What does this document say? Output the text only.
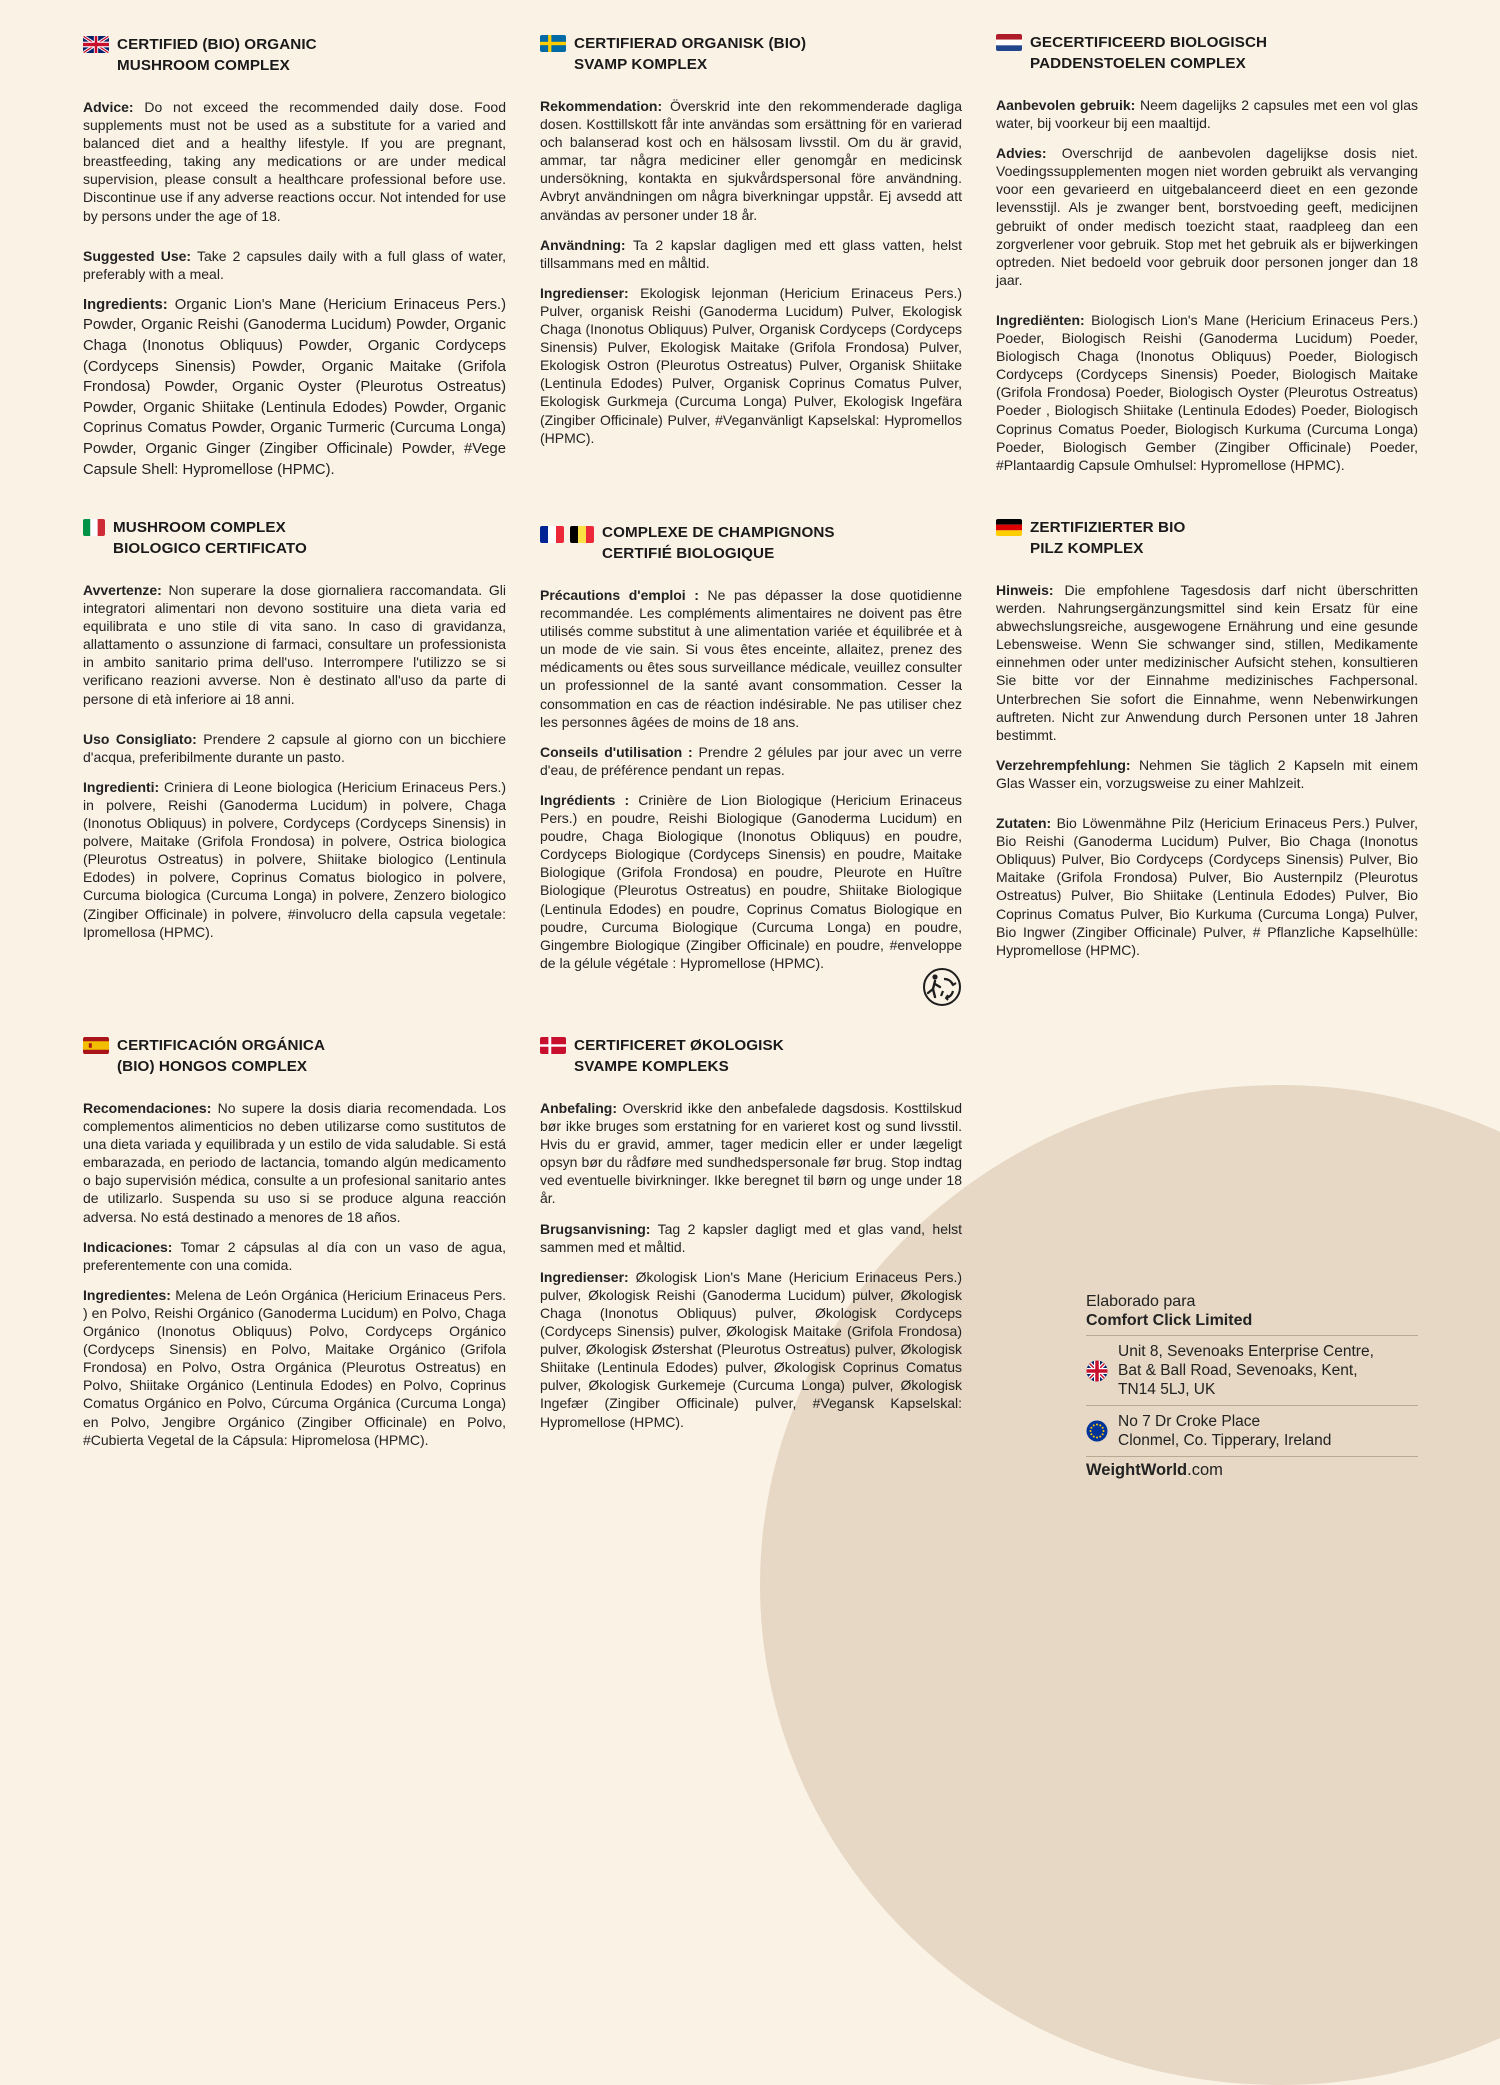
CERTIFIED (BIO) ORGANIC
MUSHROOM COMPLEX

Advice: Do not exceed the recommended daily dose. Food supplements must not be used as a substitute for a varied and balanced diet and a healthy lifestyle. If you are pregnant, breastfeeding, taking any medications or are under medical supervision, please consult a healthcare professional before use. Discontinue use if any adverse reactions occur. Not intended for use by persons under the age of 18.

Suggested Use: Take 2 capsules daily with a full glass of water, preferably with a meal.

Ingredients: Organic Lion's Mane (Hericium Erinaceus Pers.) Powder, Organic Reishi (Ganoderma Lucidum) Powder, Organic Chaga (Inonotus Obliquus) Powder, Organic Cordyceps (Cordyceps Sinensis) Powder, Organic Maitake (Grifola Frondosa) Powder, Organic Oyster (Pleurotus Ostreatus) Powder, Organic Shiitake (Lentinula Edodes) Powder, Organic Coprinus Comatus Powder, Organic Turmeric (Curcuma Longa) Powder, Organic Ginger (Zingiber Officinale) Powder, #Vege Capsule Shell: Hypromellose (HPMC).

CERTIFIERAD ORGANISK (BIO)
SVAMP KOMPLEX

Rekommendation: Överskrid inte den rekommenderade dagliga dosen. Kosttillskott får inte användas som ersättning för en varierad och balanserad kost och en hälsosam livsstil. Om du är gravid, ammar, tar några mediciner eller genomgår en medicinsk undersökning, kontakta en sjukvårdspersonal före användning. Avbryt användningen om några biverkningar uppstår. Ej avsedd att användas av personer under 18 år.

Användning: Ta 2 kapslar dagligen med ett glass vatten, helst tillsammans med en måltid.

Ingredienser: Ekologisk lejonman (Hericium Erinaceus Pers.) Pulver, organisk Reishi (Ganoderma Lucidum) Pulver, Ekologisk Chaga (Inonotus Obliquus) Pulver, Organisk Cordyceps (Cordyceps Sinensis) Pulver, Ekologisk Maitake (Grifola Frondosa) Pulver, Ekologisk Ostron (Pleurotus Ostreatus) Pulver, Organisk Shiitake (Lentinula Edodes) Pulver, Organisk Coprinus Comatus Pulver, Ekologisk Gurkmeja (Curcuma Longa) Pulver, Ekologisk Ingefära (Zingiber Officinale) Pulver, #Veganvänligt Kapselskal: Hypromellos (HPMC).

GECERTIFICEERD BIOLOGISCH
PADDENSTOELEN COMPLEX

Aanbevolen gebruik: Neem dagelijks 2 capsules met een vol glas water, bij voorkeur bij een maaltijd.

Advies: Overschrijd de aanbevolen dagelijkse dosis niet. Voedingssupplementen mogen niet worden gebruikt als vervanging voor een gevarieerd en uitgebalanceerd dieet en een gezonde levensstijl. Als je zwanger bent, borstvoeding geeft, medicijnen gebruikt of onder medisch toezicht staat, raadpleeg dan een zorgverlener voor gebruik. Stop met het gebruik als er bijwerkingen optreden. Niet bedoeld voor gebruik door personen jonger dan 18 jaar.

Ingrediënten: Biologisch Lion's Mane (Hericium Erinaceus Pers.) Poeder, Biologisch Reishi (Ganoderma Lucidum) Poeder, Biologisch Chaga (Inonotus Obliquus) Poeder, Biologisch Cordyceps (Cordyceps Sinensis) Poeder, Biologisch Maitake (Grifola Frondosa) Poeder, Biologisch Oyster (Pleurotus Ostreatus) Poeder , Biologisch Shiitake (Lentinula Edodes) Poeder, Biologisch Coprinus Comatus Poeder, Biologisch Kurkuma (Curcuma Longa) Poeder, Biologisch Gember (Zingiber Officinale) Poeder, #Plantaardig Capsule Omhulsel: Hypromellose (HPMC).

MUSHROOM COMPLEX
BIOLOGICO CERTIFICATO

Avvertenze: Non superare la dose giornaliera raccomandata. Gli integratori alimentari non devono sostituire una dieta varia ed equilibrata e uno stile di vita sano. In caso di gravidanza, allattamento o assunzione di farmaci, consultare un professionista in ambito sanitario prima dell'uso. Interrompere l'utilizzo se si verificano reazioni avverse. Non è destinato all'uso da parte di persone di età inferiore ai 18 anni.

Uso Consigliato: Prendere 2 capsule al giorno con un bicchiere d'acqua, preferibilmente durante un pasto.

Ingredienti: Criniera di Leone biologica (Hericium Erinaceus Pers.) in polvere, Reishi (Ganoderma Lucidum) in polvere, Chaga (Inonotus Obliquus) in polvere, Cordyceps (Cordyceps Sinensis) in polvere, Maitake (Grifola Frondosa) in polvere, Ostrica biologica (Pleurotus Ostreatus) in polvere, Shiitake biologico (Lentinula Edodes) in polvere, Coprinus Comatus biologico in polvere, Curcuma biologica (Curcuma Longa) in polvere, Zenzero biologico (Zingiber Officinale) in polvere, #involucro della capsula vegetale: Ipromellosa (HPMC).

COMPLEXE DE CHAMPIGNONS
CERTIFIÉ BIOLOGIQUE

Précautions d'emploi : Ne pas dépasser la dose quotidienne recommandée. Les compléments alimentaires ne doivent pas être utilisés comme substitut à une alimentation variée et équilibrée et à un mode de vie sain. Si vous êtes enceinte, allaitez, prenez des médicaments ou êtes sous surveillance médicale, veuillez consulter un professionnel de la santé avant consommation. Cesser la consommation en cas de réaction indésirable. Ne pas utiliser chez les personnes âgées de moins de 18 ans.

Conseils d'utilisation : Prendre 2 gélules par jour avec un verre d'eau, de préférence pendant un repas.

Ingrédients : Crinière de Lion Biologique (Hericium Erinaceus Pers.) en poudre, Reishi Biologique (Ganoderma Lucidum) en poudre, Chaga Biologique (Inonotus Obliquus) en poudre, Cordyceps Biologique (Cordyceps Sinensis) en poudre, Maitake Biologique (Grifola Frondosa) en poudre, Pleurote en Huître Biologique (Pleurotus Ostreatus) en poudre, Shiitake Biologique (Lentinula Edodes) en poudre, Coprinus Comatus Biologique en poudre, Curcuma Biologique (Curcuma Longa) en poudre, Gingembre Biologique (Zingiber Officinale) en poudre, #enveloppe de la gélule végétale : Hypromellose (HPMC).

ZERTIFIZIERTER BIO
PILZ KOMPLEX

Hinweis: Die empfohlene Tagesdosis darf nicht überschritten werden. Nahrungsergänzungsmittel sind kein Ersatz für eine abwechslungsreiche, ausgewogene Ernährung und eine gesunde Lebensweise. Wenn Sie schwanger sind, stillen, Medikamente einnehmen oder unter medizinischer Aufsicht stehen, konsultieren Sie bitte vor der Einnahme medizinisches Fachpersonal. Unterbrechen Sie sofort die Einnahme, wenn Nebenwirkungen auftreten. Nicht zur Anwendung durch Personen unter 18 Jahren bestimmt.

Verzehrempfehlung: Nehmen Sie täglich 2 Kapseln mit einem Glas Wasser ein, vorzugsweise zu einer Mahlzeit.

Zutaten: Bio Löwenmähne Pilz (Hericium Erinaceus Pers.) Pulver, Bio Reishi (Ganoderma Lucidum) Pulver, Bio Chaga (Inonotus Obliquus) Pulver, Bio Cordyceps (Cordyceps Sinensis) Pulver, Bio Maitake (Grifola Frondosa) Pulver, Bio Austernpilz (Pleurotus Ostreatus) Pulver, Bio Shiitake (Lentinula Edodes) Pulver, Bio Coprinus Comatus Pulver, Bio Kurkuma (Curcuma Longa) Pulver, Bio Ingwer (Zingiber Officinale) Pulver, # Pflanzliche Kapselhülle: Hypromellose (HPMC).

CERTIFICACIÓN ORGÁNICA
(BIO) HONGOS COMPLEX

Recomendaciones: No supere la dosis diaria recomendada. Los complementos alimenticios no deben utilizarse como sustitutos de una dieta variada y equilibrada y un estilo de vida saludable. Si está embarazada, en periodo de lactancia, tomando algún medicamento o bajo supervisión médica, consulte a un profesional sanitario antes de utilizarlo. Suspenda su uso si se produce alguna reacción adversa. No está destinado a menores de 18 años.

Indicaciones: Tomar 2 cápsulas al día con un vaso de agua, preferentemente con una comida.

Ingredientes: Melena de León Orgánica (Hericium Erinaceus Pers. ) en Polvo, Reishi Orgánico (Ganoderma Lucidum) en Polvo, Chaga Orgánico (Inonotus Obliquus) Polvo, Cordyceps Orgánico (Cordyceps Sinensis) en Polvo, Maitake Orgánico (Grifola Frondosa) en Polvo, Ostra Orgánica (Pleurotus Ostreatus) en Polvo, Shiitake Orgánico (Lentinula Edodes) en Polvo, Coprinus Comatus Orgánico en Polvo, Cúrcuma Orgánica (Curcuma Longa) en Polvo, Jengibre Orgánico (Zingiber Officinale) en Polvo, #Cubierta Vegetal de la Cápsula: Hipromelosa (HPMC).

CERTIFICERET ØKOLOGISK
SVAMPE KOMPLEKS

Anbefaling: Overskrid ikke den anbefalede dagsdosis. Kosttilskud bør ikke bruges som erstatning for en varieret kost og sund livsstil. Hvis du er gravid, ammer, tager medicin eller er under lægeligt opsyn bør du rådføre med sundhedspersonale før brug. Stop indtag ved eventuelle bivirkninger. Ikke beregnet til børn og unge under 18 år.

Brugsanvisning: Tag 2 kapsler dagligt med et glas vand, helst sammen med et måltid.

Ingredienser: Økologisk Lion's Mane (Hericium Erinaceus Pers.) pulver, Økologisk Reishi (Ganoderma Lucidum) pulver, Økologisk Chaga (Inonotus Obliquus) pulver, Økologisk Cordyceps (Cordyceps Sinensis) pulver, Økologisk Maitake (Grifola Frondosa) pulver, Økologisk Østershat (Pleurotus Ostreatus) pulver, Økologisk Shiitake (Lentinula Edodes) pulver, Økologisk Coprinus Comatus pulver, Økologisk Gurkemeje (Curcuma Longa) pulver, Økologisk Ingefær (Zingiber Officinale) pulver, #Vegansk Kapselskal: Hypromellose (HPMC).

Elaborado para
Comfort Click Limited
Unit 8, Sevenoaks Enterprise Centre,
Bat & Ball Road, Sevenoaks, Kent,
TN14 5LJ, UK
No 7 Dr Croke Place
Clonmel, Co. Tipperary, Ireland
WeightWorld.com
